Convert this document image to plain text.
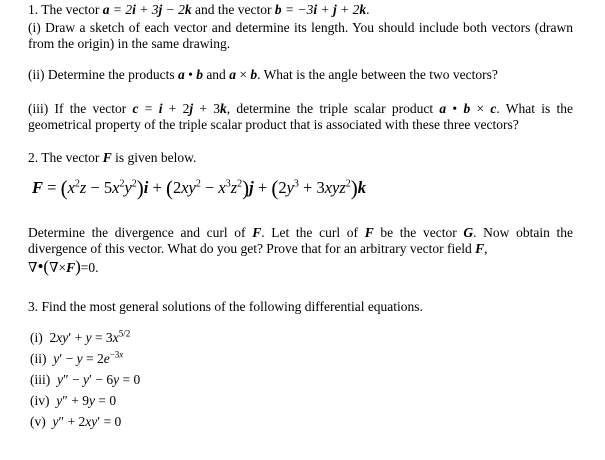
1. The vector a = 2i + 3j − 2k and the vector b = −3i + j + 2k.

(i) Draw a sketch of each vector and determine its length. You should include both vectors (drawn from the origin) in the same drawing.

(ii) Determine the products a • b and a × b. What is the angle between the two vectors?

(iii) If the vector c = i + 2j + 3k, determine the triple scalar product a • b × c. What is the geometrical property of the triple scalar product that is associated with these three vectors?

2. The vector F is given below.
$F = (x^2z - 5x^2y^2)i + (2xy^2 - x^3z^2)j + (2y^3 + 3xyz^2)k$

Determine the divergence and curl of F. Let the curl of F be the vector G. Now obtain the divergence of this vector. What do you get? Prove that for an arbitrary vector field F,
∇•(∇×F)=0.

3. Find the most general solutions of the following differential equations.
(i)  $2xy' + y = 3x^{5/2}$
(ii) $y' - y = 2e^{-3x}$
(iii) y″ − y′ − 6y = 0
(iv) y″ + 9y = 0
(v) y″ + 2xy′ = 0
